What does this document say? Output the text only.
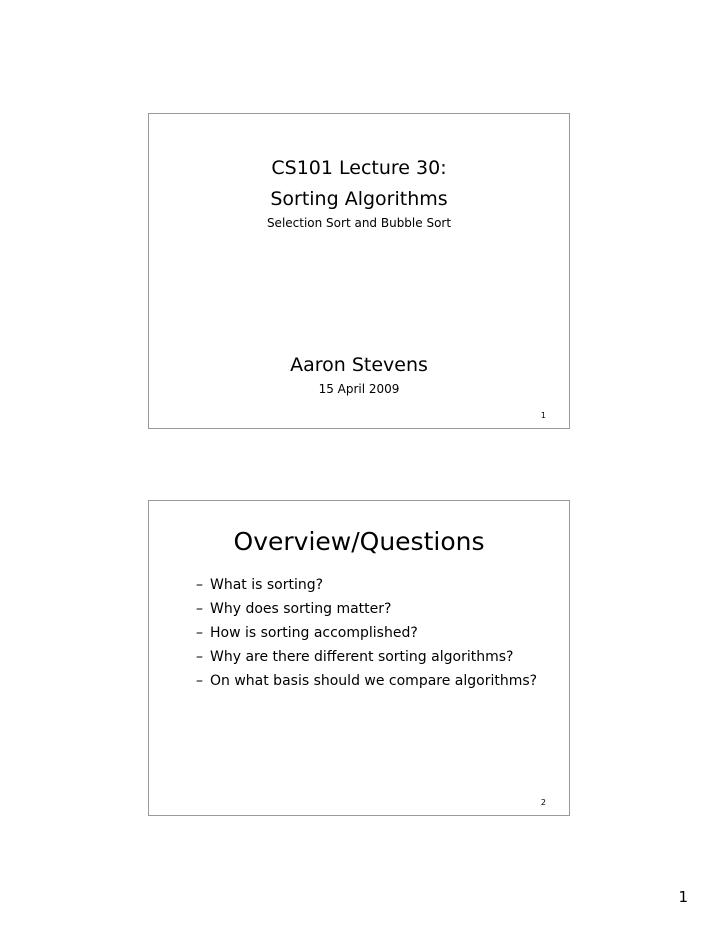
CS101 Lecture 30:
Sorting Algorithms
Selection Sort and Bubble Sort
Aaron Stevens
15 April 2009
1
Overview/Questions
– What is sorting?
– Why does sorting matter?
– How is sorting accomplished?
– Why are there different sorting algorithms?
– On what basis should we compare algorithms?
2
1
